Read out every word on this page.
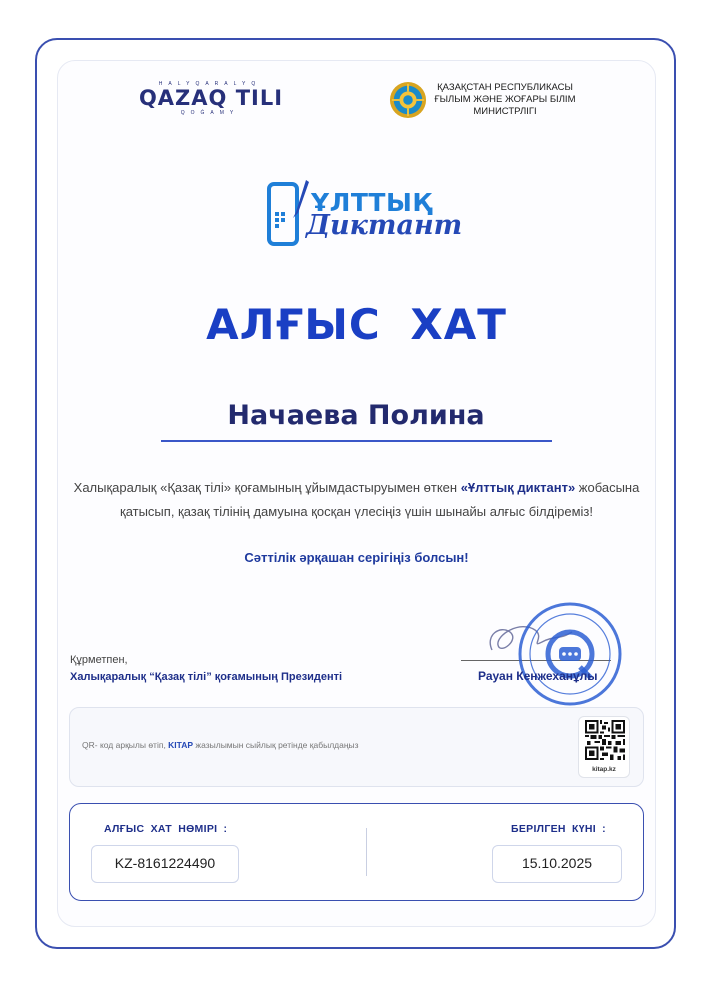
HALYQARALYQ
QAZAQ TILI
QOǴAMY
ҚАЗАҚСТАН РЕСПУБЛИКАСЫ
ҒЫЛЫМ ЖӘНЕ ЖОҒАРЫ БІЛІМ
МИНИСТРЛІГІ
ҰЛТТЫҚ
Диктант
АЛҒЫС ХАТ
Начаева Полина
Халықаралық «Қазақ тілі» қоғамының ұйымдастыруымен өткен «Ұлттық диктант» жобасына қатысып, қазақ тілінің дамуына қосқан үлесіңіз үшін шынайы алғыс білдіреміз!
Сәттілік әрқашан серігіңіз болсын!
Құрметпен,
Халықаралық “Қазақ тілі” қоғамының Президенті	Рауан Кенжеханұлы
QR- код арқылы өтіп, KITAP жазылымын сыйлық ретінде қабылдаңыз
kitap.kz
АЛҒЫС ХАТ НӨМІРІ :
KZ-8161224490
БЕРІЛГЕН КҮНІ :
15.10.2025
